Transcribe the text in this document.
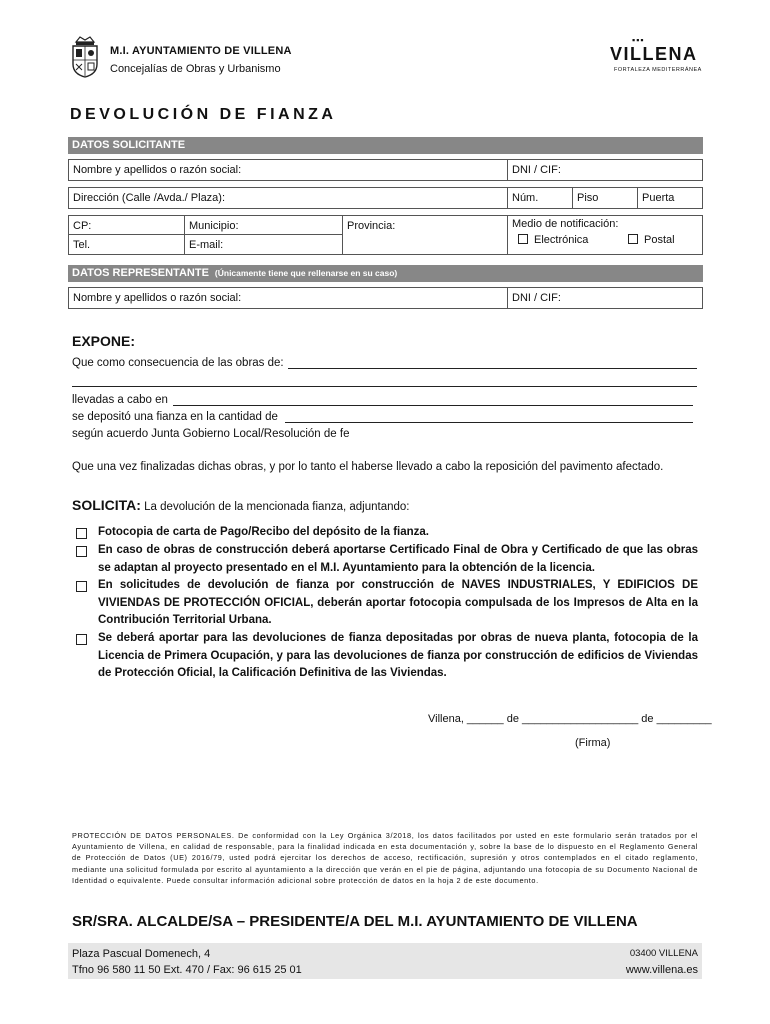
M.I. AYUNTAMIENTO DE VILLENA
Concejalías de Obras y Urbanismo
▪▪▪
VILLENA
FORTALEZA MEDITERRÁNEA
DEVOLUCIÓN DE FIANZA
DATOS SOLICITANTE
Nombre y apellidos o razón social:	DNI / CIF:
Dirección (Calle /Avda./ Plaza):	Núm.	Piso	Puerta
CP:	Municipio:	Provincia:
Tel.	E-mail:
Medio de notificación:
Electrónica	Postal
DATOS REPRESENTANTE (Únicamente tiene que rellenarse en su caso)
Nombre y apellidos o razón social:	DNI / CIF:
EXPONE:
Que como consecuencia de las obras de:
llevadas a cabo en
se depositó una fianza en la cantidad de
según acuerdo Junta Gobierno Local/Resolución de fe
Que una vez finalizadas dichas obras, y por lo tanto el haberse llevado a cabo la reposición del pavimento afectado.
SOLICITA: La devolución de la mencionada fianza, adjuntando:
Fotocopia de carta de Pago/Recibo del depósito de la fianza.
En caso de obras de construcción deberá aportarse Certificado Final de Obra y Certificado de que las obras se adaptan al proyecto presentado en el M.I. Ayuntamiento para la obtención de la licencia.
En solicitudes de devolución de fianza por construcción de NAVES INDUSTRIALES, Y EDIFICIOS DE VIVIENDAS DE PROTECCIÓN OFICIAL, deberán aportar fotocopia compulsada de los Impresos de Alta en la Contribución Territorial Urbana.
Se deberá aportar para las devoluciones de fianza depositadas por obras de nueva planta, fotocopia de la Licencia de Primera Ocupación, y para las devoluciones de fianza por construcción de edificios de Viviendas de Protección Oficial, la Calificación Definitiva de las Viviendas.
Villena, ______ de ___________________ de _________
(Firma)
PROTECCIÓN DE DATOS PERSONALES. De conformidad con la Ley Orgánica 3/2018, los datos facilitados por usted en este formulario serán tratados por el Ayuntamiento de Villena, en calidad de responsable, para la finalidad indicada en esta documentación y, sobre la base de lo dispuesto en el Reglamento General de Protección de Datos (UE) 2016/79, usted podrá ejercitar los derechos de acceso, rectificación, supresión y otros contemplados en el citado reglamento, mediante una solicitud formulada por escrito al ayuntamiento a la dirección que verán en el pie de página, adjuntando una fotocopia de su Documento Nacional de Identidad o equivalente. Puede consultar información adicional sobre protección de datos en la hoja 2 de este documento.
SR/SRA. ALCALDE/SA – PRESIDENTE/A DEL M.I. AYUNTAMIENTO DE VILLENA
Plaza Pascual Domenech, 4
Tfno 96 580 11 50 Ext. 470 / Fax: 96 615 25 01
03400 VILLENA
www.villena.es
